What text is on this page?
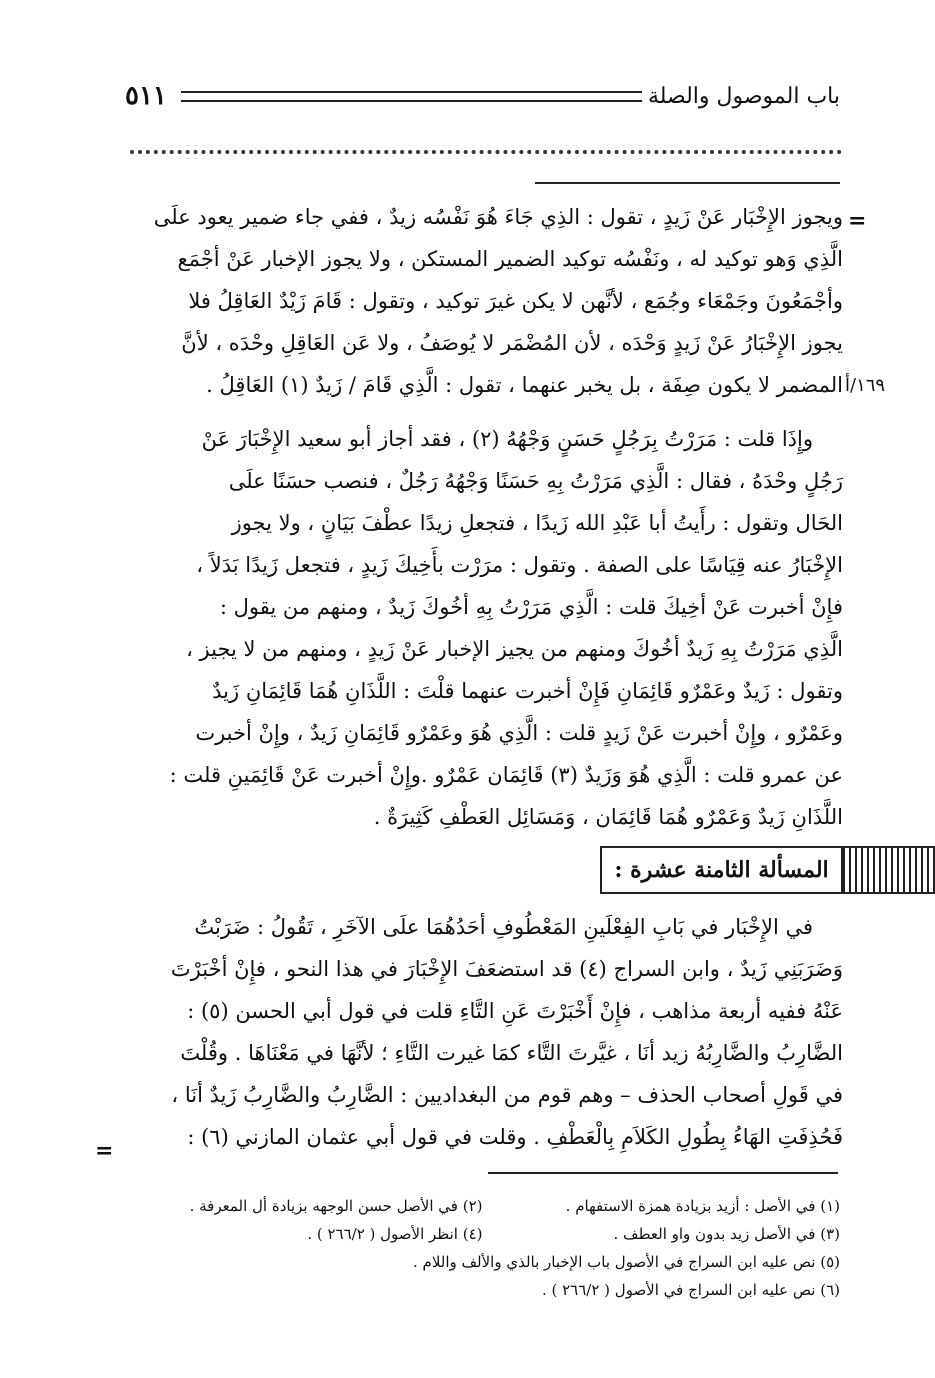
٥١١	باب الموصول والصلة
=
١٦٩/أ
ويجوز الإِخْبَار عَنْ زَيدٍ ، تقول : الذِي جَاءَ هُوَ نَفْسُه زيدٌ ، ففي جاء ضمير يعود علَى
الَّذِي وَهو توكيد له ، ونَفْسُه توكيد الضمير المستكن ، ولا يجوز الإخبار عَنْ أجْمَع
وأجْمَعُونَ وجَمْعَاء وجُمَع ، لأنَّهن لا يكن غيرَ توكيد ، وتقول : قَامَ زَيْدٌ العَاقِلُ فلا
يجوز الإِخْبَارُ عَنْ زَيدٍ وَحْدَه ، لأن المُضْمَر لا يُوصَفُ ، ولا عَن العَاقِلِ وحْدَه ، لأنَّ
المضمر لا يكون صِفَة ، بل يخبر عنهما ، تقول : الَّذِي قَامَ / زَيدٌ (١) العَاقِلُ .
وإِذَا قلت : مَرَرْتُ بِرَجُلٍ حَسَنٍ وَجْهُهُ (٢) ، فقد أجاز أبو سعيد الإِخْبَارَ عَنْ
رَجُلٍ وحْدَهُ ، فقال : الَّذِي مَرَرْتُ بِهِ حَسَنًا وَجْهُهُ رَجُلٌ ، فنصب حسَنًا علَى
الحَال وتقول : رأَيتُ أبا عَبْدِ الله زَيدًا ، فتجعلِ زيدًا عطْفَ بَيَانٍ ، ولا يجوز
الإِخْبَارُ عنه قِيَاسًا على الصفة . وتقول : مرَرْت بأَخِيكَ زَيدٍ ، فتجعل زَيدًا بَدَلاً ،
فإِنْ أخبرت عَنْ أخِيكَ قلت : الَّذِي مَرَرْتُ بِهِ أخُوكَ زَيدٌ ، ومنهم من يقول :
الَّذِي مَرَرْتُ بِهِ زَيدٌ أخُوكَ ومنهم من يجيز الإخبار عَنْ زَيدٍ ، ومنهم من لا يجيز ،
وتقول : زَيدٌ وعَمْرٌو قَائِمَانِ فَإِنْ أخبرت عنهما قلْتَ : اللَّذَانِ هُمَا قَائِمَانِ زَيدٌ
وعَمْرٌو ، وإِنْ أخبرت عَنْ زَيدٍ قلت : الَّذِي هُوَ وعَمْرٌو قَائِمَانِ زَيدٌ ، وإِنْ أخبرت
عن عمرو قلت : الَّذِي هُوَ وَزَيدٌ (٣) قَائِمَان عَمْرٌو .وإِنْ أخبرت عَنْ قَائِمَينِ قلت :
اللَّذَانِ زَيدٌ وَعَمْرٌو هُمَا قَائِمَان ، وَمَسَائِل العَطْفِ كَثِيرَةٌ .
المسألة الثامنة عشرة :
في الإِخْبَار في بَابِ الفِعْلَينِ المَعْطُوفِ أحَدُهُمَا علَى الآخَرِ ، تَقُولُ : ضَرَبْتُ
وَضَرَبَنِي زَيدٌ ، وابن السراج (٤) قد استضعَفَ الإِخْبَارَ في هذا النحو ، فإِنْ أخْبَرْتَ
عَنْهُ ففيه أربعة مذاهب ، فإِنْ أَخْبَرْتَ عَنِ التَّاءِ قلت في قول أبي الحسن (٥) :
الضَّارِبُ والضَّارِبُهُ زيد أنَا ، غيَّرتَ التَّاء كمَا غيرت التَّاءِ ؛ لأنَّهَا في مَعْنَاهَا . وقُلْتَ
في قَولِ أصحاب الحذف – وهم قوم من البغداديين : الضَّارِبُ والضَّارِبُ زَيدٌ أنَا ،
فَحُذِفَتِ الهَاءُ بِطُولِ الكَلاَمِ بِالْعَطْفِ . وقلت في قول أبي عثمان المازني (٦) :
=
(١) في الأصل : أزيد بزيادة همزة الاستفهام .
(٢) في الأصل حسن الوجهه بزيادة أل المعرفة .
(٣) في الأصل زيد بدون واو العطف .
(٤) انظر الأصول ( ٢٦٦/٢ ) .
(٥) نص عليه ابن السراج في الأصول باب الإخبار بالذي والألف واللام .
(٦) نص عليه ابن السراج في الأصول ( ٢٦٦/٢ ) .
